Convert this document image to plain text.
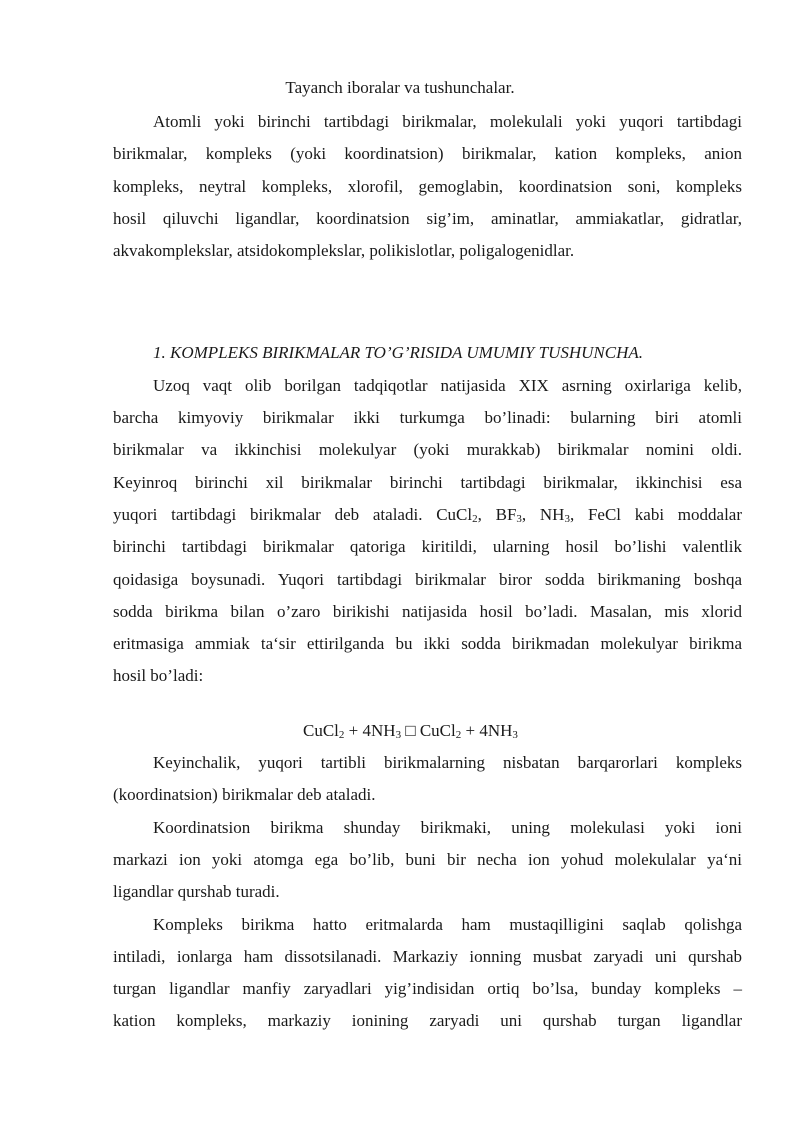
Tayanch iboralar va tushunchalar.
Atomli yoki birinchi tartibdagi birikmalar, molekulali yoki yuqori tartibdagi
birikmalar, kompleks (yoki koordinatsion) birikmalar, kation kompleks, anion
kompleks, neytral kompleks, xlorofil, gemoglabin, koordinatsion soni, kompleks
hosil qiluvchi ligandlar, koordinatsion sig’im, aminatlar, ammiakatlar, gidratlar,
akvakomplekslar, atsidokomplekslar, polikislotlar, poligalogenidlar.
1. KOMPLEKS BIRIKMALAR TO’G’RISIDA UMUMIY TUSHUNCHA.
Uzoq vaqt olib borilgan tadqiqotlar natijasida XIX asrning oxirlariga kelib,
barcha kimyoviy birikmalar ikki turkumga bo’linadi: bularning biri atomli
birikmalar va ikkinchisi molekulyar (yoki murakkab) birikmalar nomini oldi.
Keyinroq birinchi xil birikmalar birinchi tartibdagi birikmalar, ikkinchisi esa
yuqori tartibdagi birikmalar deb ataladi. CuCl$_2$, $BF_3$, $NH_3$, FeCl kabi moddalar
birinchi tartibdagi birikmalar qatoriga kiritildi, ularning hosil bo’lishi valentlik
qoidasiga boysunadi. Yuqori tartibdagi birikmalar biror sodda birikmaning boshqa
sodda birikma bilan o’zaro birikishi natijasida hosil bo’ladi. Masalan, mis xlorid
eritmasiga ammiak ta‘sir ettirilganda bu ikki sodda birikmadan molekulyar birikma
hosil bo’ladi:
CuCl$_2$ + $4NH_3$ □ CuCl$_2$ + $4NH_3$
Keyinchalik, yuqori tartibli birikmalarning nisbatan barqarorlari kompleks
(koordinatsion) birikmalar deb ataladi.
Koordinatsion birikma shunday birikmaki, uning molekulasi yoki ioni
markazi ion yoki atomga ega bo’lib, buni bir necha ion yohud molekulalar ya‘ni
ligandlar qurshab turadi.
Kompleks birikma hatto eritmalarda ham mustaqilligini saqlab qolishga
intiladi, ionlarga ham dissotsilanadi. Markaziy ionning musbat zaryadi uni qurshab
turgan ligandlar manfiy zaryadlari yig’indisidan ortiq bo’lsa, bunday kompleks –
kation kompleks, markaziy ionining zaryadi uni qurshab turgan ligandlar
